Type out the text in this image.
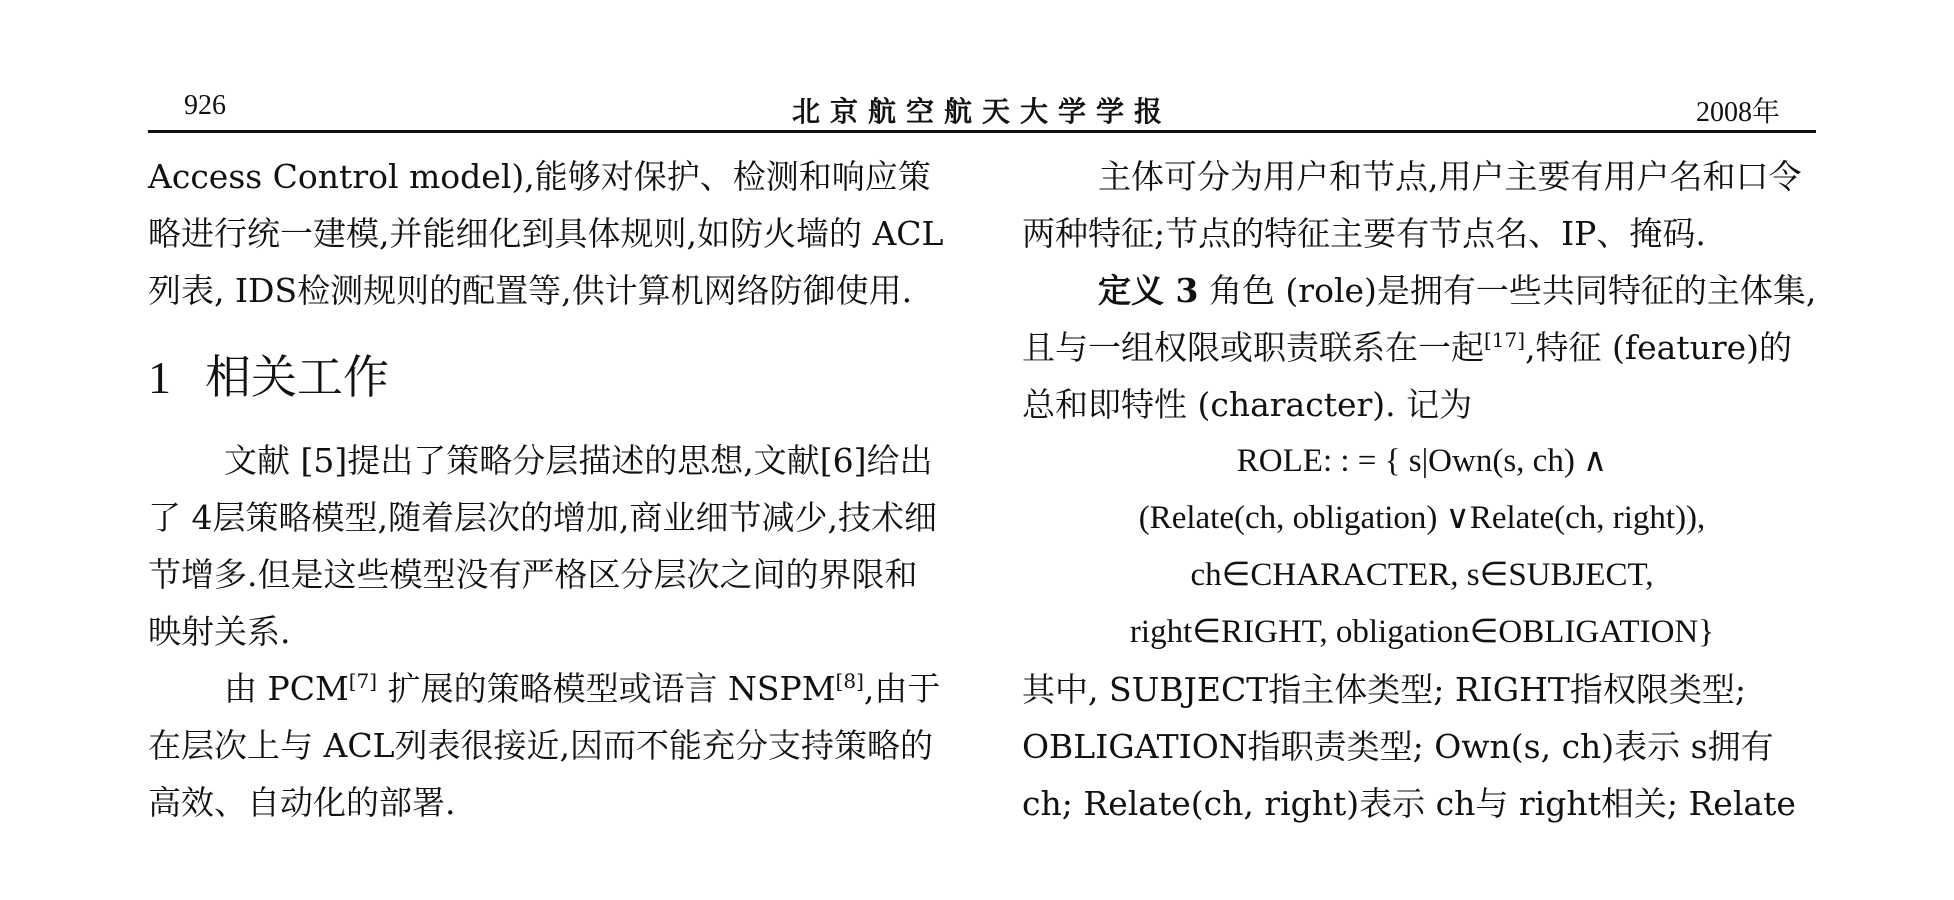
926	北京航空航天大学学报	2008年

Access Control model),能够对保护、检测和响应策略进行统一建模,并能细化到具体规则,如防火墙的 ACL列表, IDS检测规则的配置等,供计算机网络防御使用.

1 相关工作

文献 [5]提出了策略分层描述的思想,文献[6]给出了 4层策略模型,随着层次的增加,商业细节减少,技术细节增多.但是这些模型没有严格区分层次之间的界限和映射关系.

由 PCM[7] 扩展的策略模型或语言 NSPM[8],由于在层次上与 ACL列表很接近,因而不能充分支持策略的高效、自动化的部署.

主体可分为用户和节点,用户主要有用户名和口令两种特征;节点的特征主要有节点名、IP、掩码.

定义 3 角色 (role)是拥有一些共同特征的主体集,且与一组权限或职责联系在一起[17],特征 (feature)的总和即特性 (character). 记为

ROLE: : = { s|Own(s, ch) ∧
(Relate(ch, obligation) ∨Relate(ch, right)),
ch∈CHARACTER, s∈SUBJECT,
right∈RIGHT, obligation∈OBLIGATION}

其中, SUBJECT指主体类型; RIGHT指权限类型; OBLIGATION指职责类型; Own(s, ch)表示 s拥有 ch; Relate(ch, right)表示 ch与 right相关; Relate
